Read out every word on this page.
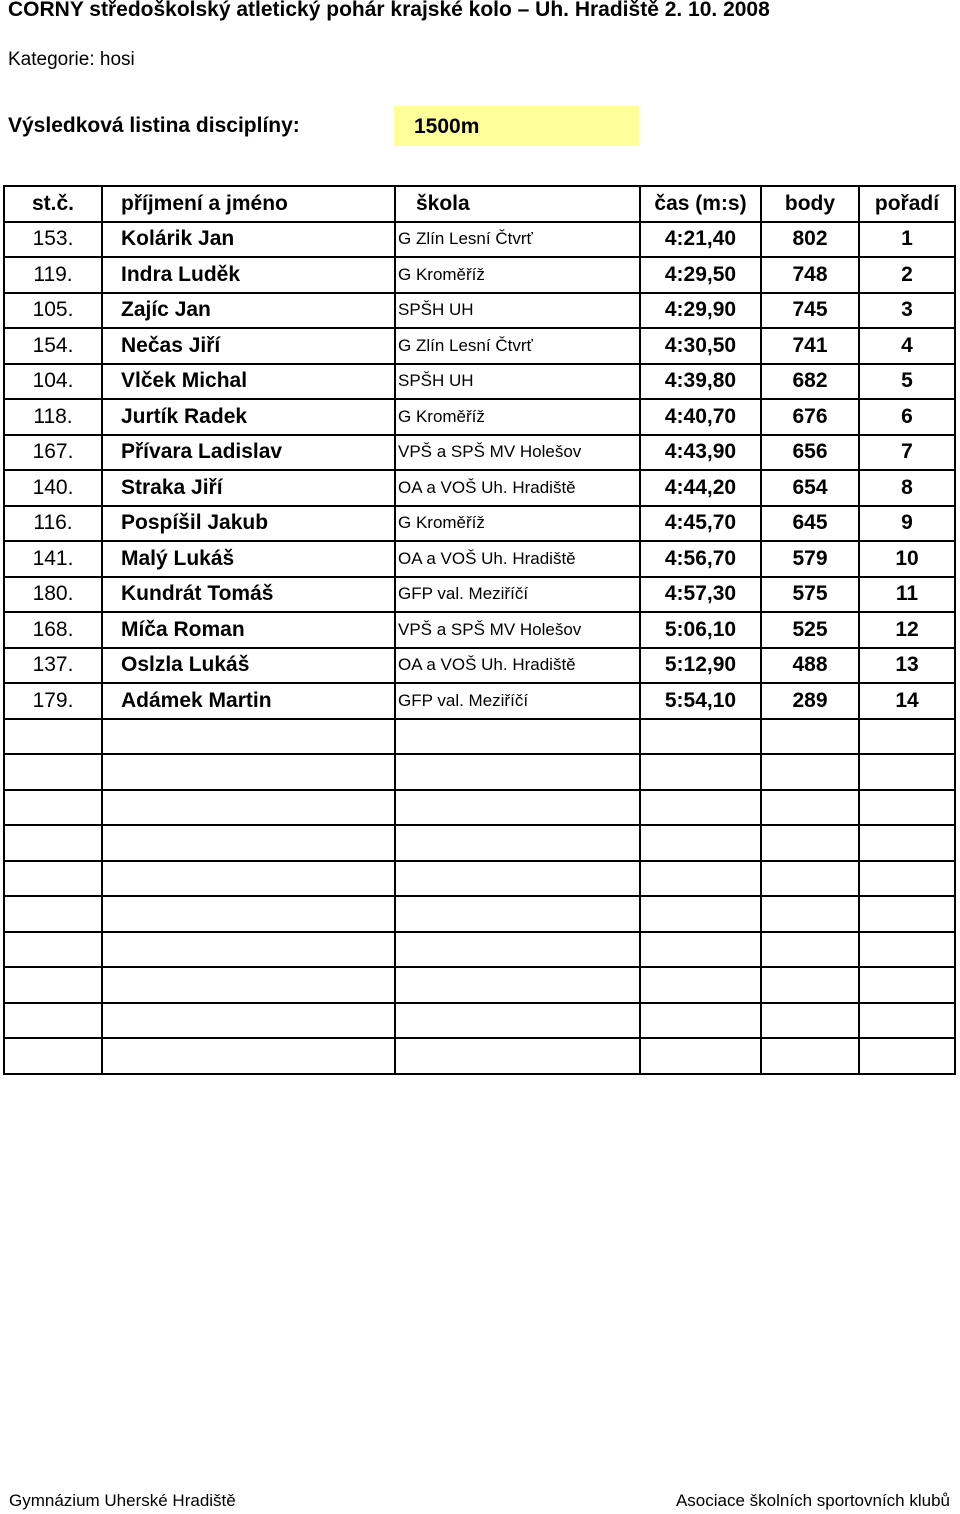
CORNY středoškolský atletický pohár krajské kolo – Uh. Hradiště 2. 10. 2008
Kategorie: hosi
Výsledková listina disciplíny:	1500m
st.č.	příjmení a jméno	škola	čas (m:s)	body	pořadí
153.	Kolárik Jan	G Zlín Lesní Čtvrť	4:21,40	802	1
119.	Indra Luděk	G Kroměříž	4:29,50	748	2
105.	Zajíc Jan	SPŠH UH	4:29,90	745	3
154.	Nečas Jiří	G Zlín Lesní Čtvrť	4:30,50	741	4
104.	Vlček Michal	SPŠH UH	4:39,80	682	5
118.	Jurtík Radek	G Kroměříž	4:40,70	676	6
167.	Přívara Ladislav	VPŠ a SPŠ MV Holešov	4:43,90	656	7
140.	Straka Jiří	OA a VOŠ Uh. Hradiště	4:44,20	654	8
116.	Pospíšil Jakub	G Kroměříž	4:45,70	645	9
141.	Malý Lukáš	OA a VOŠ Uh. Hradiště	4:56,70	579	10
180.	Kundrát Tomáš	GFP val. Meziříčí	4:57,30	575	11
168.	Míča Roman	VPŠ a SPŠ MV Holešov	5:06,10	525	12
137.	Oslzla Lukáš	OA a VOŠ Uh. Hradiště	5:12,90	488	13
179.	Adámek Martin	GFP val. Meziříčí	5:54,10	289	14

Gymnázium Uherské Hradiště	Asociace školních sportovních klubů
